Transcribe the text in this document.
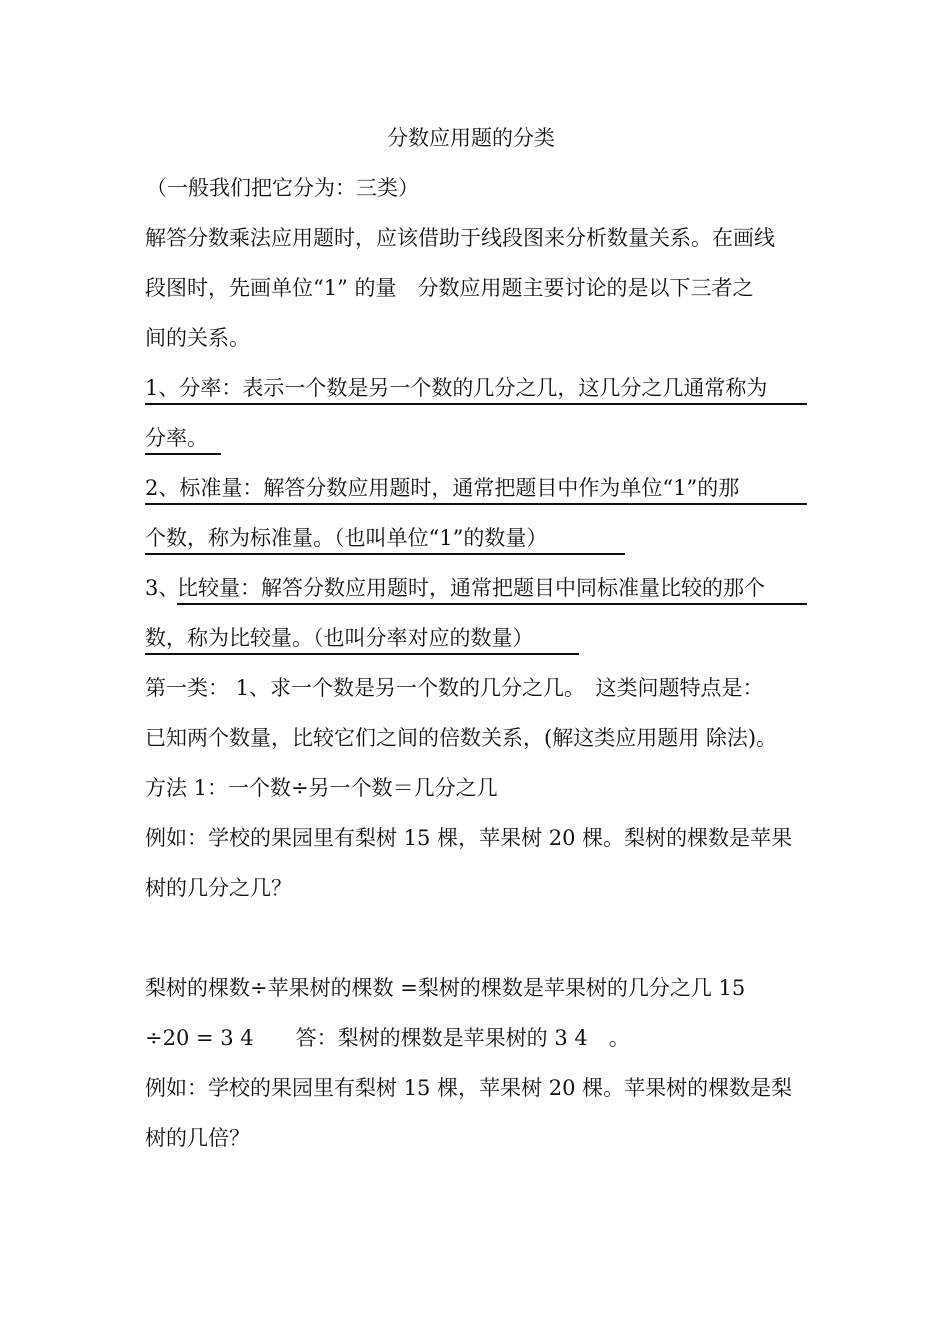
分数应用题的分类
（一般我们把它分为：三类）
解答分数乘法应用题时，应该借助于线段图来分析数量关系。在画线
段图时，先画单位“1” 的量　分数应用题主要讨论的是以下三者之
间的关系。
1、分率：表示一个数是另一个数的几分之几，这几分之几通常称为
分率。
2、标准量：解答分数应用题时，通常把题目中作为单位“1”的那
个数，称为标准量。（也叫单位“1”的数量）
3、
比较量：解答分数应用题时，通常把题目中同标准量比较的那个
数，称为比较量。（也叫分率对应的数量）
第一类： 1、求一个数是另一个数的几分之几。　这类问题特点是：
已知两个数量，比较它们之间的倍数关系，(解这类应用题用 除法)。
方法 1：一个数÷另一个数＝几分之几
例如：学校的果园里有梨树 15 棵，苹果树 20 棵。梨树的棵数是苹果
树的几分之几？
梨树的棵数÷苹果树的棵数 =梨树的棵数是苹果树的几分之几 15
÷20 = 3 4　　答：梨树的棵数是苹果树的 3 4　。
例如：学校的果园里有梨树 15 棵，苹果树 20 棵。苹果树的棵数是梨
树的几倍？
